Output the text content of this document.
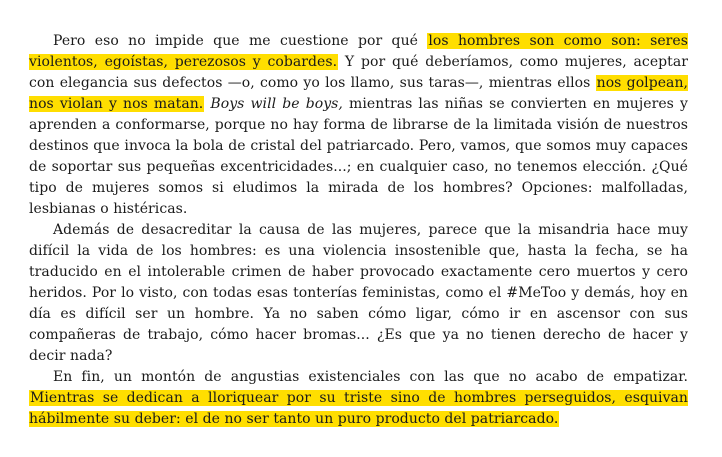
Pero eso no impide que me cuestione por qué los hombres son como son: seres violentos, egoístas, perezosos y cobardes. Y por qué deberíamos, como mujeres, aceptar con elegancia sus defectos —o, como yo los llamo, sus taras—, mientras ellos nos golpean, nos violan y nos matan. Boys will be boys, mientras las niñas se convierten en mujeres y aprenden a conformarse, porque no hay forma de librarse de la limitada visión de nuestros destinos que invoca la bola de cristal del patriarcado. Pero, vamos, que somos muy capaces de soportar sus pequeñas excentricidades...; en cualquier caso, no tenemos elección. ¿Qué tipo de mujeres somos si eludimos la mirada de los hombres? Opciones: malfolladas, lesbianas o histéricas.

Además de desacreditar la causa de las mujeres, parece que la misandria hace muy difícil la vida de los hombres: es una violencia insostenible que, hasta la fecha, se ha traducido en el intolerable crimen de haber provocado exactamente cero muertos y cero heridos. Por lo visto, con todas esas tonterías feministas, como el #MeToo y demás, hoy en día es difícil ser un hombre. Ya no saben cómo ligar, cómo ir en ascensor con sus compañeras de trabajo, cómo hacer bromas... ¿Es que ya no tienen derecho de hacer y decir nada?

En fin, un montón de angustias existenciales con las que no acabo de empatizar. Mientras se dedican a lloriquear por su triste sino de hombres perseguidos, esquivan hábilmente su deber: el de no ser tanto un puro producto del patriarcado.
